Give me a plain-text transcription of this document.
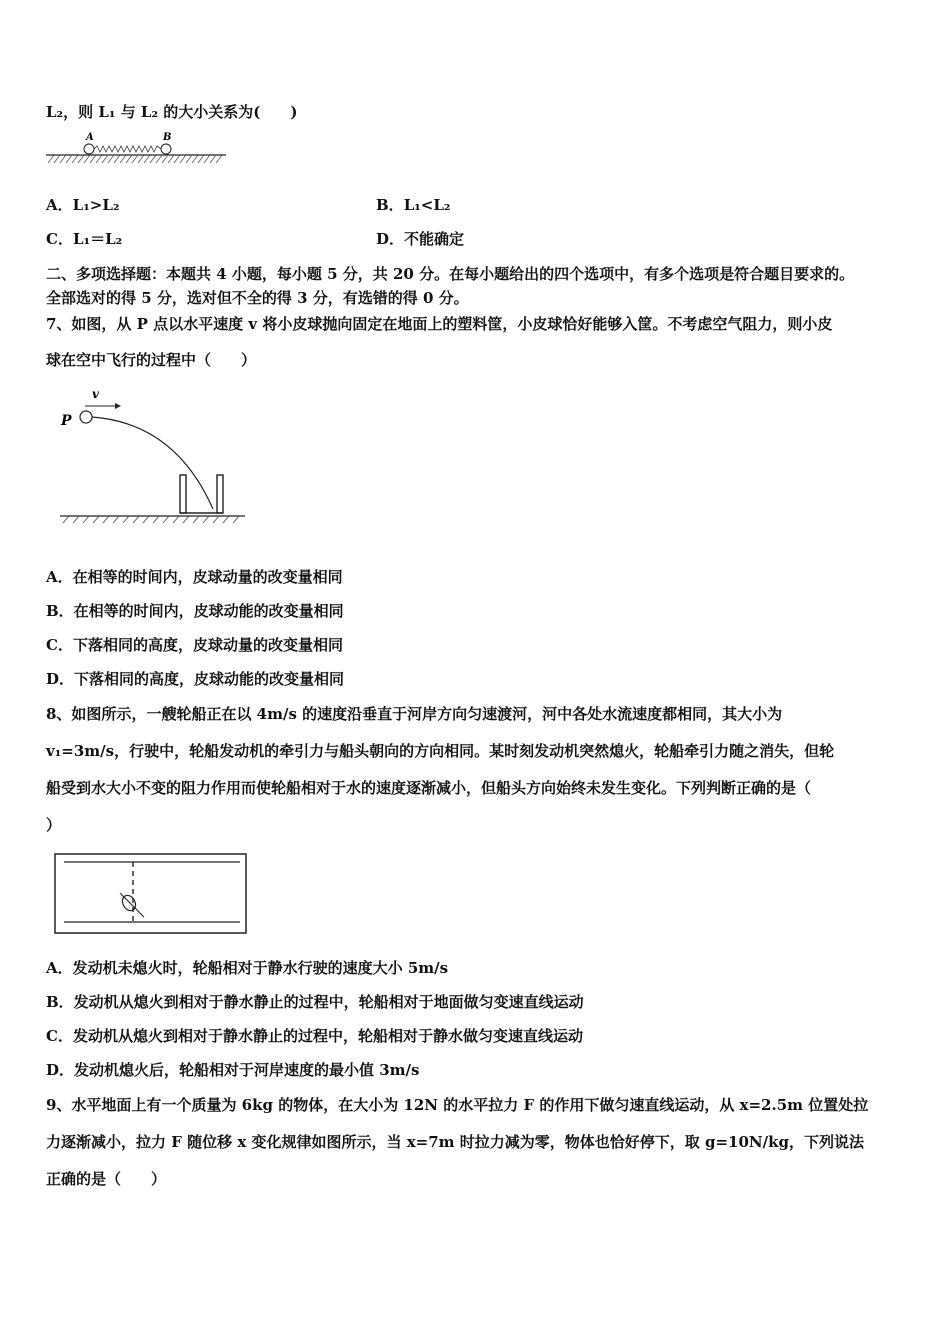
L₂，则 L₁ 与 L₂ 的大小关系为(　　)
A	B
A．L₁>L₂	B．L₁<L₂
C．L₁＝L₂	D．不能确定
二、多项选择题：本题共 4 小题，每小题 5 分，共 20 分。在每小题给出的四个选项中，有多个选项是符合题目要求的。
全部选对的得 5 分，选对但不全的得 3 分，有选错的得 0 分。
7、如图，从 P 点以水平速度 v 将小皮球抛向固定在地面上的塑料筐，小皮球恰好能够入筐。不考虑空气阻力，则小皮
球在空中飞行的过程中（　　）
P
v
A．在相等的时间内，皮球动量的改变量相同
B．在相等的时间内，皮球动能的改变量相同
C．下落相同的高度，皮球动量的改变量相同
D．下落相同的高度，皮球动能的改变量相同
8、如图所示，一艘轮船正在以 4m/s 的速度沿垂直于河岸方向匀速渡河，河中各处水流速度都相同，其大小为
v₁=3m/s，行驶中，轮船发动机的牵引力与船头朝向的方向相同。某时刻发动机突然熄火，轮船牵引力随之消失，但轮
船受到水大小不变的阻力作用而使轮船相对于水的速度逐渐减小，但船头方向始终未发生变化。下列判断正确的是（
）
A．发动机未熄火时，轮船相对于静水行驶的速度大小 5m/s
B．发动机从熄火到相对于静水静止的过程中，轮船相对于地面做匀变速直线运动
C．发动机从熄火到相对于静水静止的过程中，轮船相对于静水做匀变速直线运动
D．发动机熄火后，轮船相对于河岸速度的最小值 3m/s
9、水平地面上有一个质量为 6kg 的物体，在大小为 12N 的水平拉力 F 的作用下做匀速直线运动，从 x=2.5m 位置处拉
力逐渐减小，拉力 F 随位移 x 变化规律如图所示，当 x=7m 时拉力减为零，物体也恰好停下，取 g=10N/kg，下列说法
正确的是（　　）
